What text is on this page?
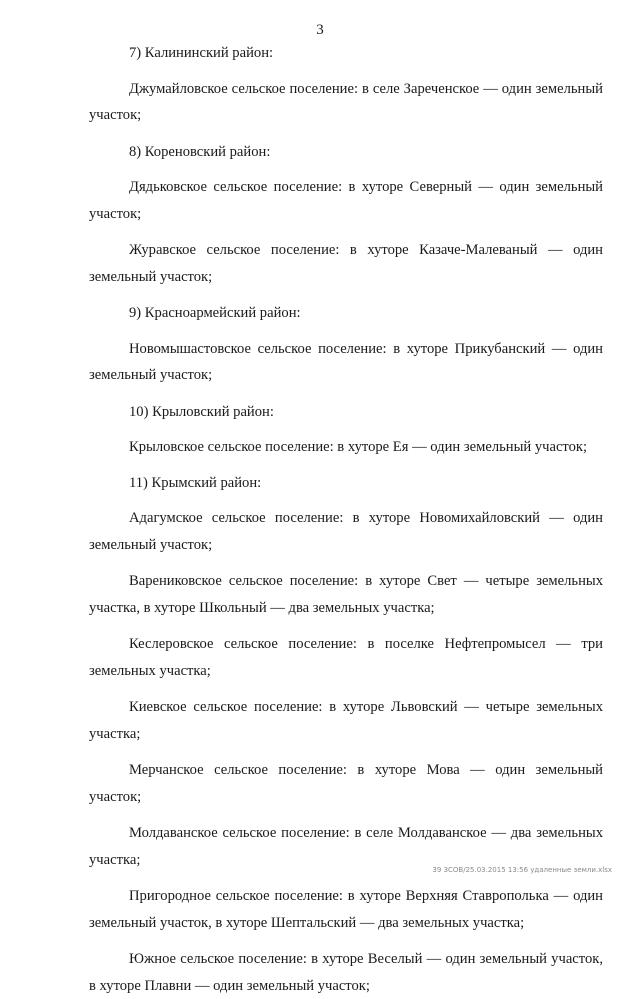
3

7) Калининский район:

Джумайловское сельское поселение: в селе Зареченское — один земельный участок;

8) Кореновский район:

Дядьковское сельское поселение: в хуторе Северный — один земельный участок;

Журавское сельское поселение: в хуторе Казаче-Малеваный — один земельный участок;

9) Красноармейский район:

Новомышастовское сельское поселение: в хуторе Прикубанский — один земельный участок;

10) Крыловский район:

Крыловское сельское поселение: в хуторе Ея — один земельный участок;

11) Крымский район:

Адагумское сельское поселение: в хуторе Новомихайловский — один земельный участок;

Варениковское сельское поселение: в хуторе Свет — четыре земельных участка, в хуторе Школьный — два земельных участка;

Кеслеровское сельское поселение: в поселке Нефтепромысел — три земельных участка;

Киевское сельское поселение: в хуторе Львовский — четыре земельных участка;

Мерчанское сельское поселение: в хуторе Мова — один земельный участок;

Молдаванское сельское поселение: в селе Молдаванское — два земельных участка;

Пригородное сельское поселение: в хуторе Верхняя Ставрополька — один земельный участок, в хуторе Шептальский — два земельных участка;

Южное сельское поселение: в хуторе Веселый — один земельный участок, в хуторе Плавни — один земельный участок;

39 ЗСОВ/25.03.2015 13:56 удаленные земли.xlsx
